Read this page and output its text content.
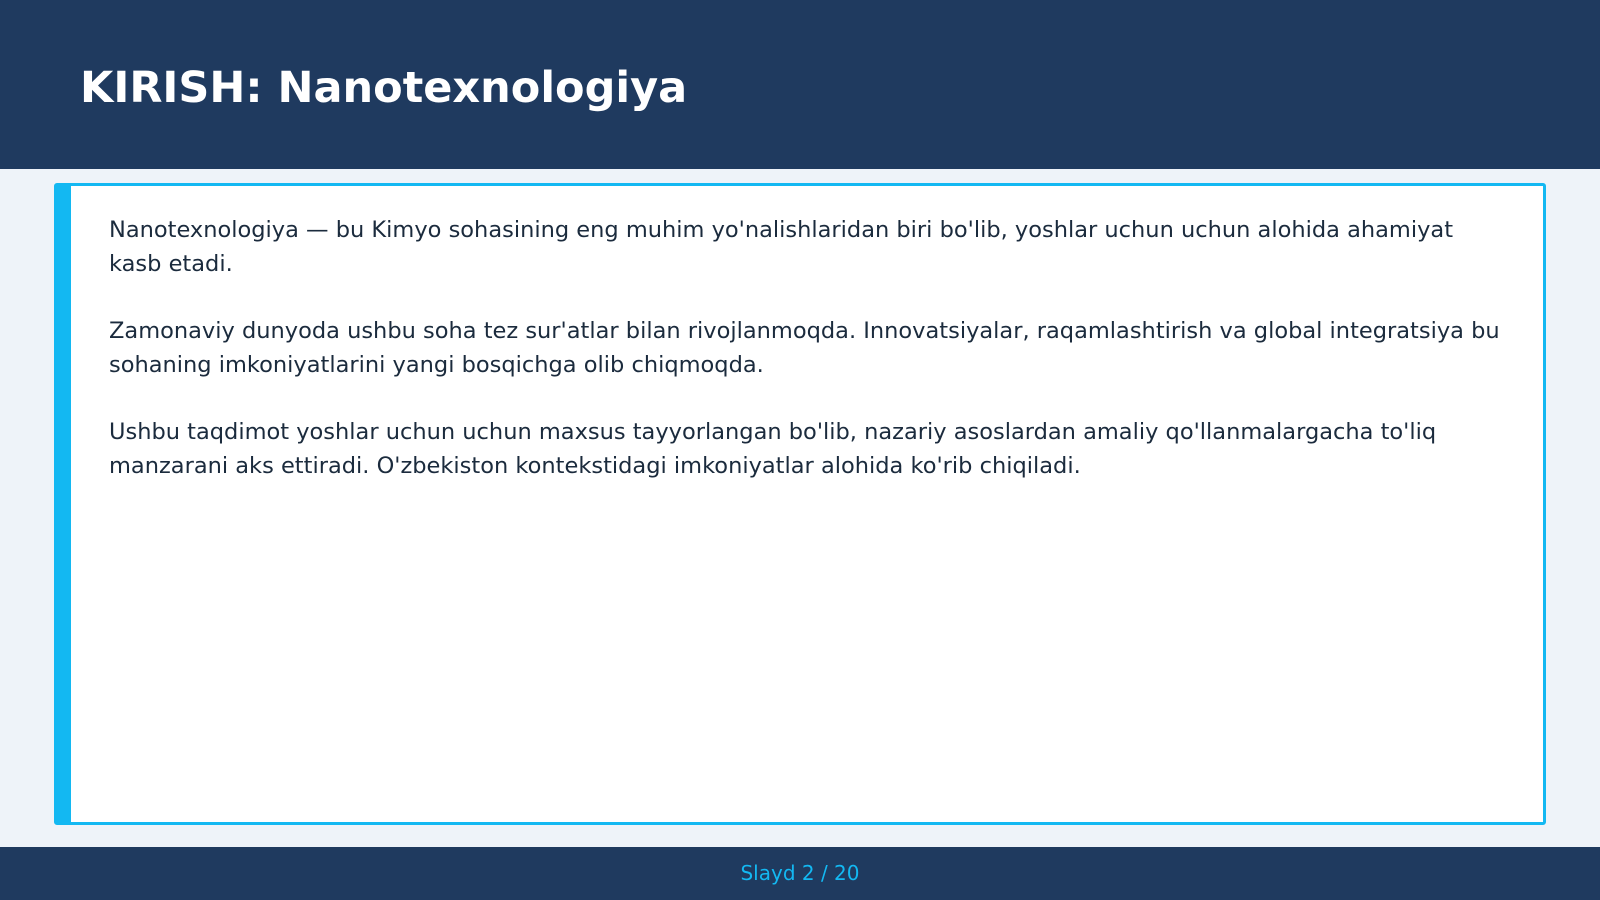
KIRISH: Nanotexnologiya

Nanotexnologiya — bu Kimyo sohasining eng muhim yo'nalishlaridan biri bo'lib, yoshlar uchun uchun alohida ahamiyat kasb etadi.

Zamonaviy dunyoda ushbu soha tez sur'atlar bilan rivojlanmoqda. Innovatsiyalar, raqamlashtirish va global integratsiya bu sohaning imkoniyatlarini yangi bosqichga olib chiqmoqda.

Ushbu taqdimot yoshlar uchun uchun maxsus tayyorlangan bo'lib, nazariy asoslardan amaliy qo'llanmalargacha to'liq manzarani aks ettiradi. O'zbekiston kontekstidagi imkoniyatlar alohida ko'rib chiqiladi.

Slayd 2 / 20
